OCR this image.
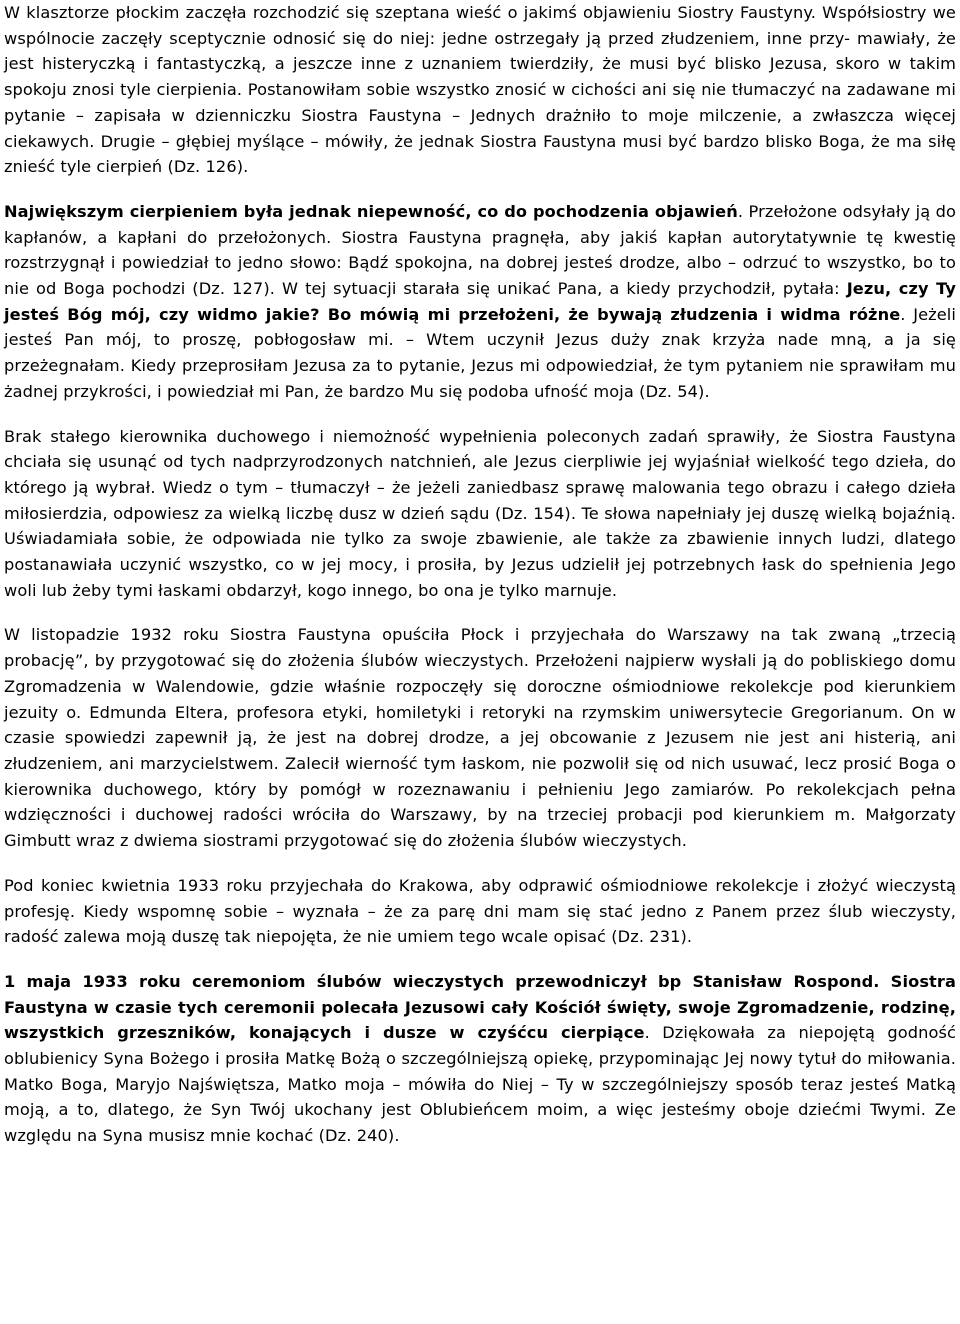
W klasztorze płockim zaczęła rozchodzić się szeptana wieść o jakimś objawieniu Siostry Faustyny. Współsiostry we wspólnocie zaczęły sceptycznie odnosić się do niej: jedne ostrzegały ją przed złudzeniem, inne przy- mawiały, że jest histeryczką i fantastyczką, a jeszcze inne z uznaniem twierdziły, że musi być blisko Jezusa, skoro w takim spokoju znosi tyle cierpienia. Postanowiłam sobie wszystko znosić w cichości ani się nie tłumaczyć na zadawane mi pytanie – zapisała w dzienniczku Siostra Faustyna – Jednych drażniło to moje milczenie, a zwłaszcza więcej ciekawych. Drugie – głębiej myślące – mówiły, że jednak Siostra Faustyna musi być bardzo blisko Boga, że ma siłę znieść tyle cierpień (Dz. 126).

Największym cierpieniem była jednak niepewność, co do pochodzenia objawień. Przełożone odsyłały ją do kapłanów, a kapłani do przełożonych. Siostra Faustyna pragnęła, aby jakiś kapłan autorytatywnie tę kwestię rozstrzygnął i powiedział to jedno słowo: Bądź spokojna, na dobrej jesteś drodze, albo – odrzuć to wszystko, bo to nie od Boga pochodzi (Dz. 127). W tej sytuacji starała się unikać Pana, a kiedy przychodził, pytała: Jezu, czy Ty jesteś Bóg mój, czy widmo jakie? Bo mówią mi przełożeni, że bywają złudzenia i widma różne. Jeżeli jesteś Pan mój, to proszę, pobłogosław mi. – Wtem uczynił Jezus duży znak krzyża nade mną, a ja się przeżegnałam. Kiedy przeprosiłam Jezusa za to pytanie, Jezus mi odpowiedział, że tym pytaniem nie sprawiłam mu żadnej przykrości, i powiedział mi Pan, że bardzo Mu się podoba ufność moja (Dz. 54).

Brak stałego kierownika duchowego i niemożność wypełnienia poleconych zadań sprawiły, że Siostra Faustyna chciała się usunąć od tych nadprzyrodzonych natchnień, ale Jezus cierpliwie jej wyjaśniał wielkość tego dzieła, do którego ją wybrał. Wiedz o tym – tłumaczył – że jeżeli zaniedbasz sprawę malowania tego obrazu i całego dzieła miłosierdzia, odpowiesz za wielką liczbę dusz w dzień sądu (Dz. 154). Te słowa napełniały jej duszę wielką bojaźnią. Uświadamiała sobie, że odpowiada nie tylko za swoje zbawienie, ale także za zbawienie innych ludzi, dlatego postanawiała uczynić wszystko, co w jej mocy, i prosiła, by Jezus udzielił jej potrzebnych łask do spełnienia Jego woli lub żeby tymi łaskami obdarzył, kogo innego, bo ona je tylko marnuje.

W listopadzie 1932 roku Siostra Faustyna opuściła Płock i przyjechała do Warszawy na tak zwaną „trzecią probację”, by przygotować się do złożenia ślubów wieczystych. Przełożeni najpierw wysłali ją do pobliskiego domu Zgromadzenia w Walendowie, gdzie właśnie rozpoczęły się doroczne ośmiodniowe rekolekcje pod kierunkiem jezuity o. Edmunda Eltera, profesora etyki, homiletyki i retoryki na rzymskim uniwersytecie Gregorianum. On w czasie spowiedzi zapewnił ją, że jest na dobrej drodze, a jej obcowanie z Jezusem nie jest ani histerią, ani złudzeniem, ani marzycielstwem. Zalecił wierność tym łaskom, nie pozwolił się od nich usuwać, lecz prosić Boga o kierownika duchowego, który by pomógł w rozeznawaniu i pełnieniu Jego zamiarów. Po rekolekcjach pełna wdzięczności i duchowej radości wróciła do Warszawy, by na trzeciej probacji pod kierunkiem m. Małgorzaty Gimbutt wraz z dwiema siostrami przygotować się do złożenia ślubów wieczystych.

Pod koniec kwietnia 1933 roku przyjechała do Krakowa, aby odprawić ośmiodniowe rekolekcje i złożyć wieczystą profesję. Kiedy wspomnę sobie – wyznała – że za parę dni mam się stać jedno z Panem przez ślub wieczysty, radość zalewa moją duszę tak niepojęta, że nie umiem tego wcale opisać (Dz. 231).

1 maja 1933 roku ceremoniom ślubów wieczystych przewodniczył bp Stanisław Rospond. Siostra Faustyna w czasie tych ceremonii polecała Jezusowi cały Kościół święty, swoje Zgromadzenie, rodzinę, wszystkich grzeszników, konających i dusze w czyśćcu cierpiące. Dziękowała za niepojętą godność oblubienicy Syna Bożego i prosiła Matkę Bożą o szczególniejszą opiekę, przypominając Jej nowy tytuł do miłowania. Matko Boga, Maryjo Najświętsza, Matko moja – mówiła do Niej – Ty w szczególniejszy sposób teraz jesteś Matką moją, a to, dlatego, że Syn Twój ukochany jest Oblubieńcem moim, a więc jesteśmy oboje dziećmi Twymi. Ze względu na Syna musisz mnie kochać (Dz. 240).
